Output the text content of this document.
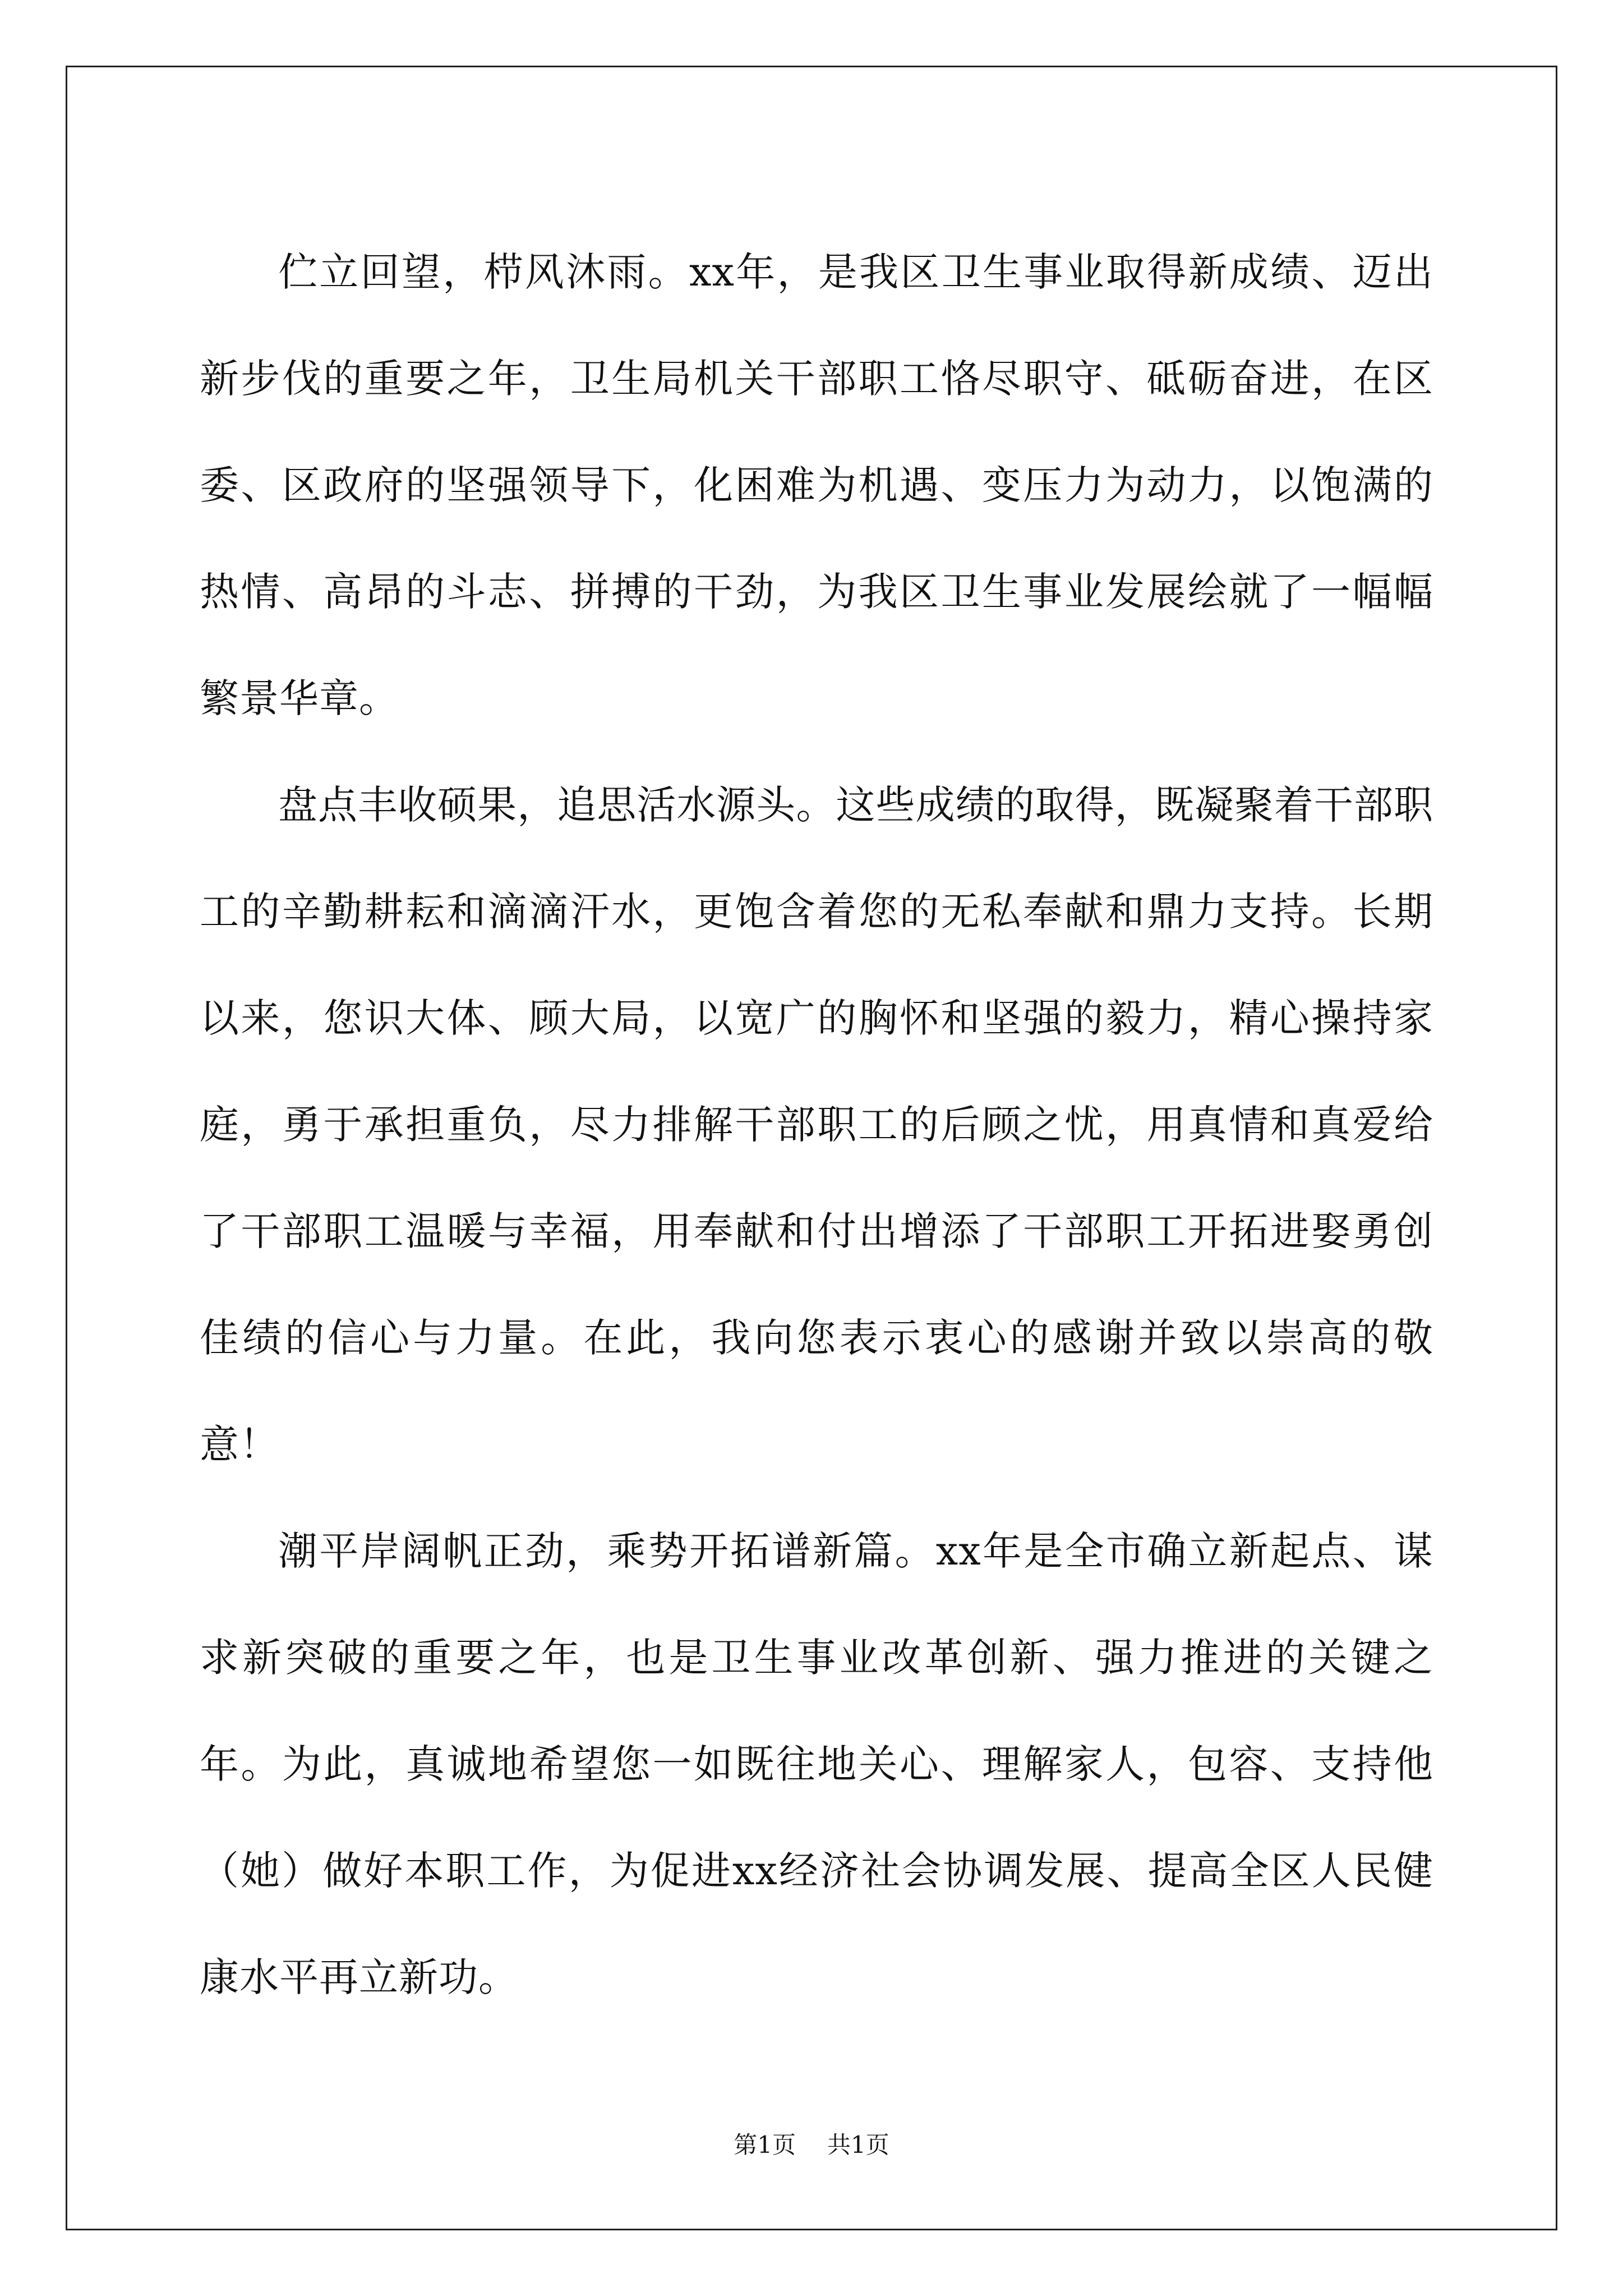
伫立回望，栉风沐雨。xx年，是我区卫生事业取得新成绩、迈出新步伐的重要之年，卫生局机关干部职工恪尽职守、砥砺奋进，在区委、区政府的坚强领导下，化困难为机遇、变压力为动力，以饱满的热情、高昂的斗志、拼搏的干劲，为我区卫生事业发展绘就了一幅幅繁景华章。

盘点丰收硕果，追思活水源头。这些成绩的取得，既凝聚着干部职工的辛勤耕耘和滴滴汗水，更饱含着您的无私奉献和鼎力支持。长期以来，您识大体、顾大局，以宽广的胸怀和坚强的毅力，精心操持家庭，勇于承担重负，尽力排解干部职工的后顾之忧，用真情和真爱给了干部职工温暖与幸福，用奉献和付出增添了干部职工开拓进娶勇创佳绩的信心与力量。在此，我向您表示衷心的感谢并致以崇高的敬意！

潮平岸阔帆正劲，乘势开拓谱新篇。xx年是全市确立新起点、谋求新突破的重要之年，也是卫生事业改革创新、强力推进的关键之年。为此，真诚地希望您一如既往地关心、理解家人，包容、支持他（她）做好本职工作，为促进xx经济社会协调发展、提高全区人民健康水平再立新功。

第1页 共1页
